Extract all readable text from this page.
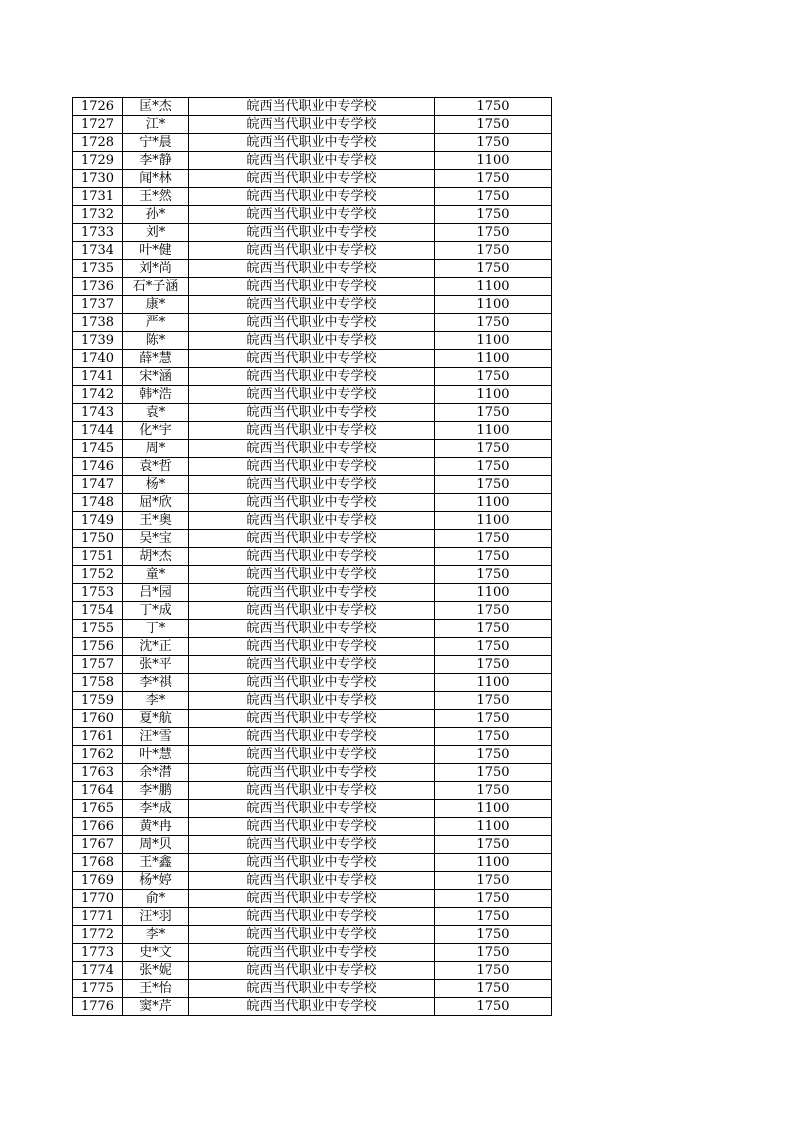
1726	匡*杰	皖西当代职业中专学校	1750
1727	江*	皖西当代职业中专学校	1750
1728	宁*晨	皖西当代职业中专学校	1750
1729	李*静	皖西当代职业中专学校	1100
1730	闻*林	皖西当代职业中专学校	1750
1731	王*然	皖西当代职业中专学校	1750
1732	孙*	皖西当代职业中专学校	1750
1733	刘*	皖西当代职业中专学校	1750
1734	叶*健	皖西当代职业中专学校	1750
1735	刘*尚	皖西当代职业中专学校	1750
1736	石*子涵	皖西当代职业中专学校	1100
1737	康*	皖西当代职业中专学校	1100
1738	严*	皖西当代职业中专学校	1750
1739	陈*	皖西当代职业中专学校	1100
1740	薛*慧	皖西当代职业中专学校	1100
1741	宋*涵	皖西当代职业中专学校	1750
1742	韩*浩	皖西当代职业中专学校	1100
1743	袁*	皖西当代职业中专学校	1750
1744	化*宇	皖西当代职业中专学校	1100
1745	周*	皖西当代职业中专学校	1750
1746	袁*哲	皖西当代职业中专学校	1750
1747	杨*	皖西当代职业中专学校	1750
1748	屈*欣	皖西当代职业中专学校	1100
1749	王*奥	皖西当代职业中专学校	1100
1750	吴*宝	皖西当代职业中专学校	1750
1751	胡*杰	皖西当代职业中专学校	1750
1752	童*	皖西当代职业中专学校	1750
1753	吕*园	皖西当代职业中专学校	1100
1754	丁*成	皖西当代职业中专学校	1750
1755	丁*	皖西当代职业中专学校	1750
1756	沈*正	皖西当代职业中专学校	1750
1757	张*平	皖西当代职业中专学校	1750
1758	李*祺	皖西当代职业中专学校	1100
1759	李*	皖西当代职业中专学校	1750
1760	夏*航	皖西当代职业中专学校	1750
1761	汪*雪	皖西当代职业中专学校	1750
1762	叶*慧	皖西当代职业中专学校	1750
1763	余*潸	皖西当代职业中专学校	1750
1764	李*鹏	皖西当代职业中专学校	1750
1765	李*成	皖西当代职业中专学校	1100
1766	黄*冉	皖西当代职业中专学校	1100
1767	周*贝	皖西当代职业中专学校	1750
1768	王*鑫	皖西当代职业中专学校	1100
1769	杨*婷	皖西当代职业中专学校	1750
1770	俞*	皖西当代职业中专学校	1750
1771	汪*羽	皖西当代职业中专学校	1750
1772	李*	皖西当代职业中专学校	1750
1773	史*文	皖西当代职业中专学校	1750
1774	张*妮	皖西当代职业中专学校	1750
1775	王*怡	皖西当代职业中专学校	1750
1776	窦*芹	皖西当代职业中专学校	1750
